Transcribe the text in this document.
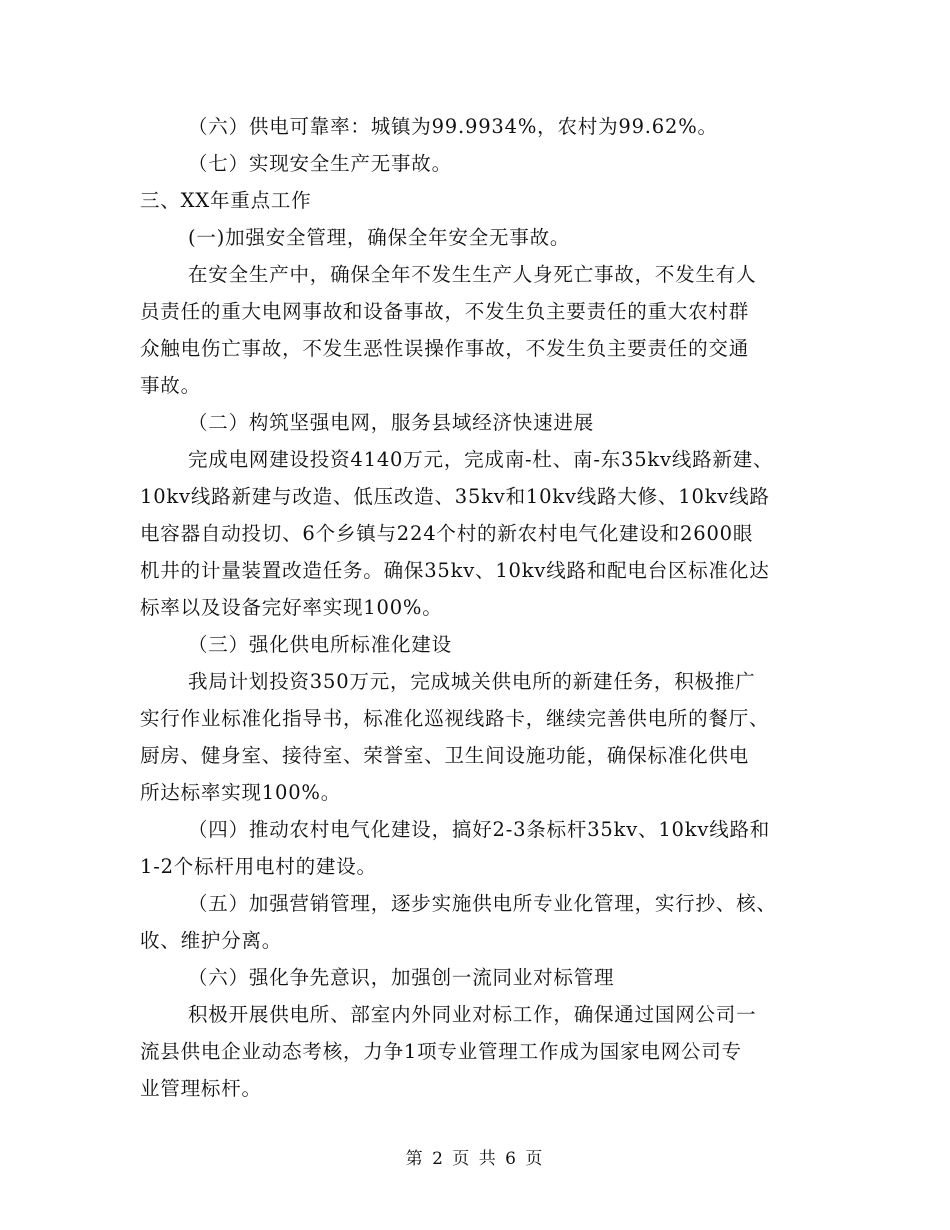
（六）供电可靠率：城镇为99.9934%，农村为99.62%。
（七）实现安全生产无事故。
三、XX年重点工作
(一)加强安全管理，确保全年安全无事故。
在安全生产中，确保全年不发生生产人身死亡事故，不发生有人
员责任的重大电网事故和设备事故，不发生负主要责任的重大农村群
众触电伤亡事故，不发生恶性误操作事故，不发生负主要责任的交通
事故。
（二）构筑坚强电网，服务县域经济快速进展
完成电网建设投资4140万元，完成南-杜、南-东35kv线路新建、
10kv线路新建与改造、低压改造、35kv和10kv线路大修、10kv线路
电容器自动投切、6个乡镇与224个村的新农村电气化建设和2600眼
机井的计量装置改造任务。确保35kv、10kv线路和配电台区标准化达
标率以及设备完好率实现100%。
（三）强化供电所标准化建设
我局计划投资350万元，完成城关供电所的新建任务，积极推广
实行作业标准化指导书，标准化巡视线路卡，继续完善供电所的餐厅、
厨房、健身室、接待室、荣誉室、卫生间设施功能，确保标准化供电
所达标率实现100%。
（四）推动农村电气化建设，搞好2-3条标杆35kv、10kv线路和
1-2个标杆用电村的建设。
（五）加强营销管理，逐步实施供电所专业化管理，实行抄、核、
收、维护分离。
（六）强化争先意识，加强创一流同业对标管理
积极开展供电所、部室内外同业对标工作，确保通过国网公司一
流县供电企业动态考核，力争1项专业管理工作成为国家电网公司专
业管理标杆。
第 2 页 共 6 页
